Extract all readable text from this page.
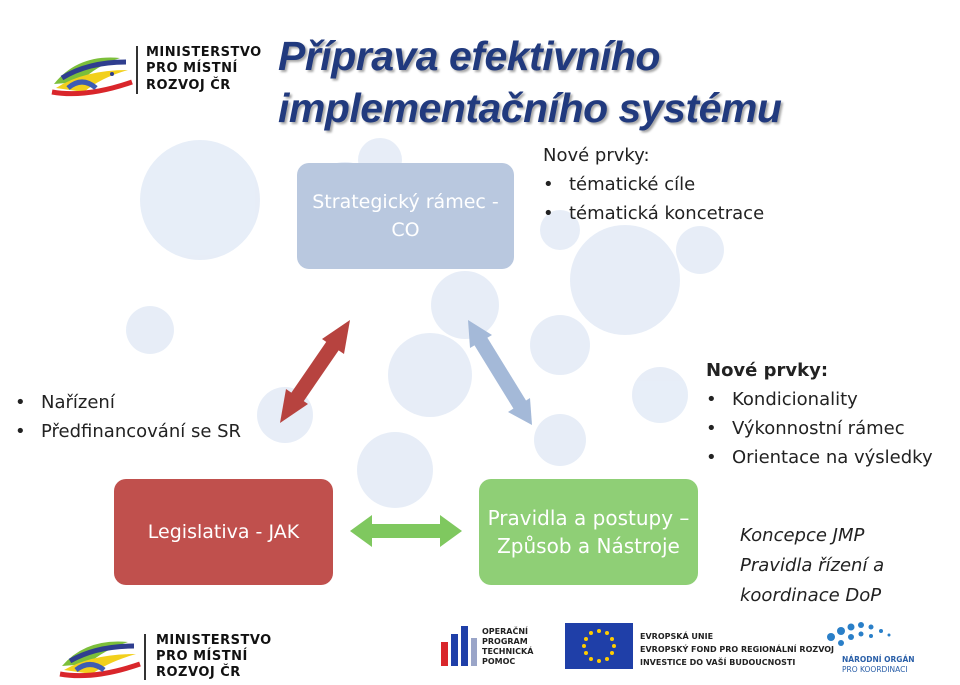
MINISTERSTVO
PRO MÍSTNÍ
ROZVOJ ČR
Příprava efektivního implementačního systému
Strategický rámec - CO
Legislativa - JAK
Pravidla a postupy – Způsob a Nástroje
Nové prvky:
• tématické cíle
• tématická koncetrace
• Nařízení
• Předfinancování se SR
Nové prvky:
• Kondicionality
• Výkonnostní rámec
• Orientace na výsledky
Koncepce JMP Pravidla řízení a koordinace DoP
MINISTERSTVO
PRO MÍSTNÍ
ROZVOJ ČR
OPERAČNÍ
PROGRAM
TECHNICKÁ
POMOC
EVROPSKÁ UNIE
EVROPSKÝ FOND PRO REGIONÁLNÍ ROZVOJ
INVESTICE DO VAŠÍ BUDOUCNOSTI	NÁRODNÍ ORGÁN
PRO KOORDINACI
